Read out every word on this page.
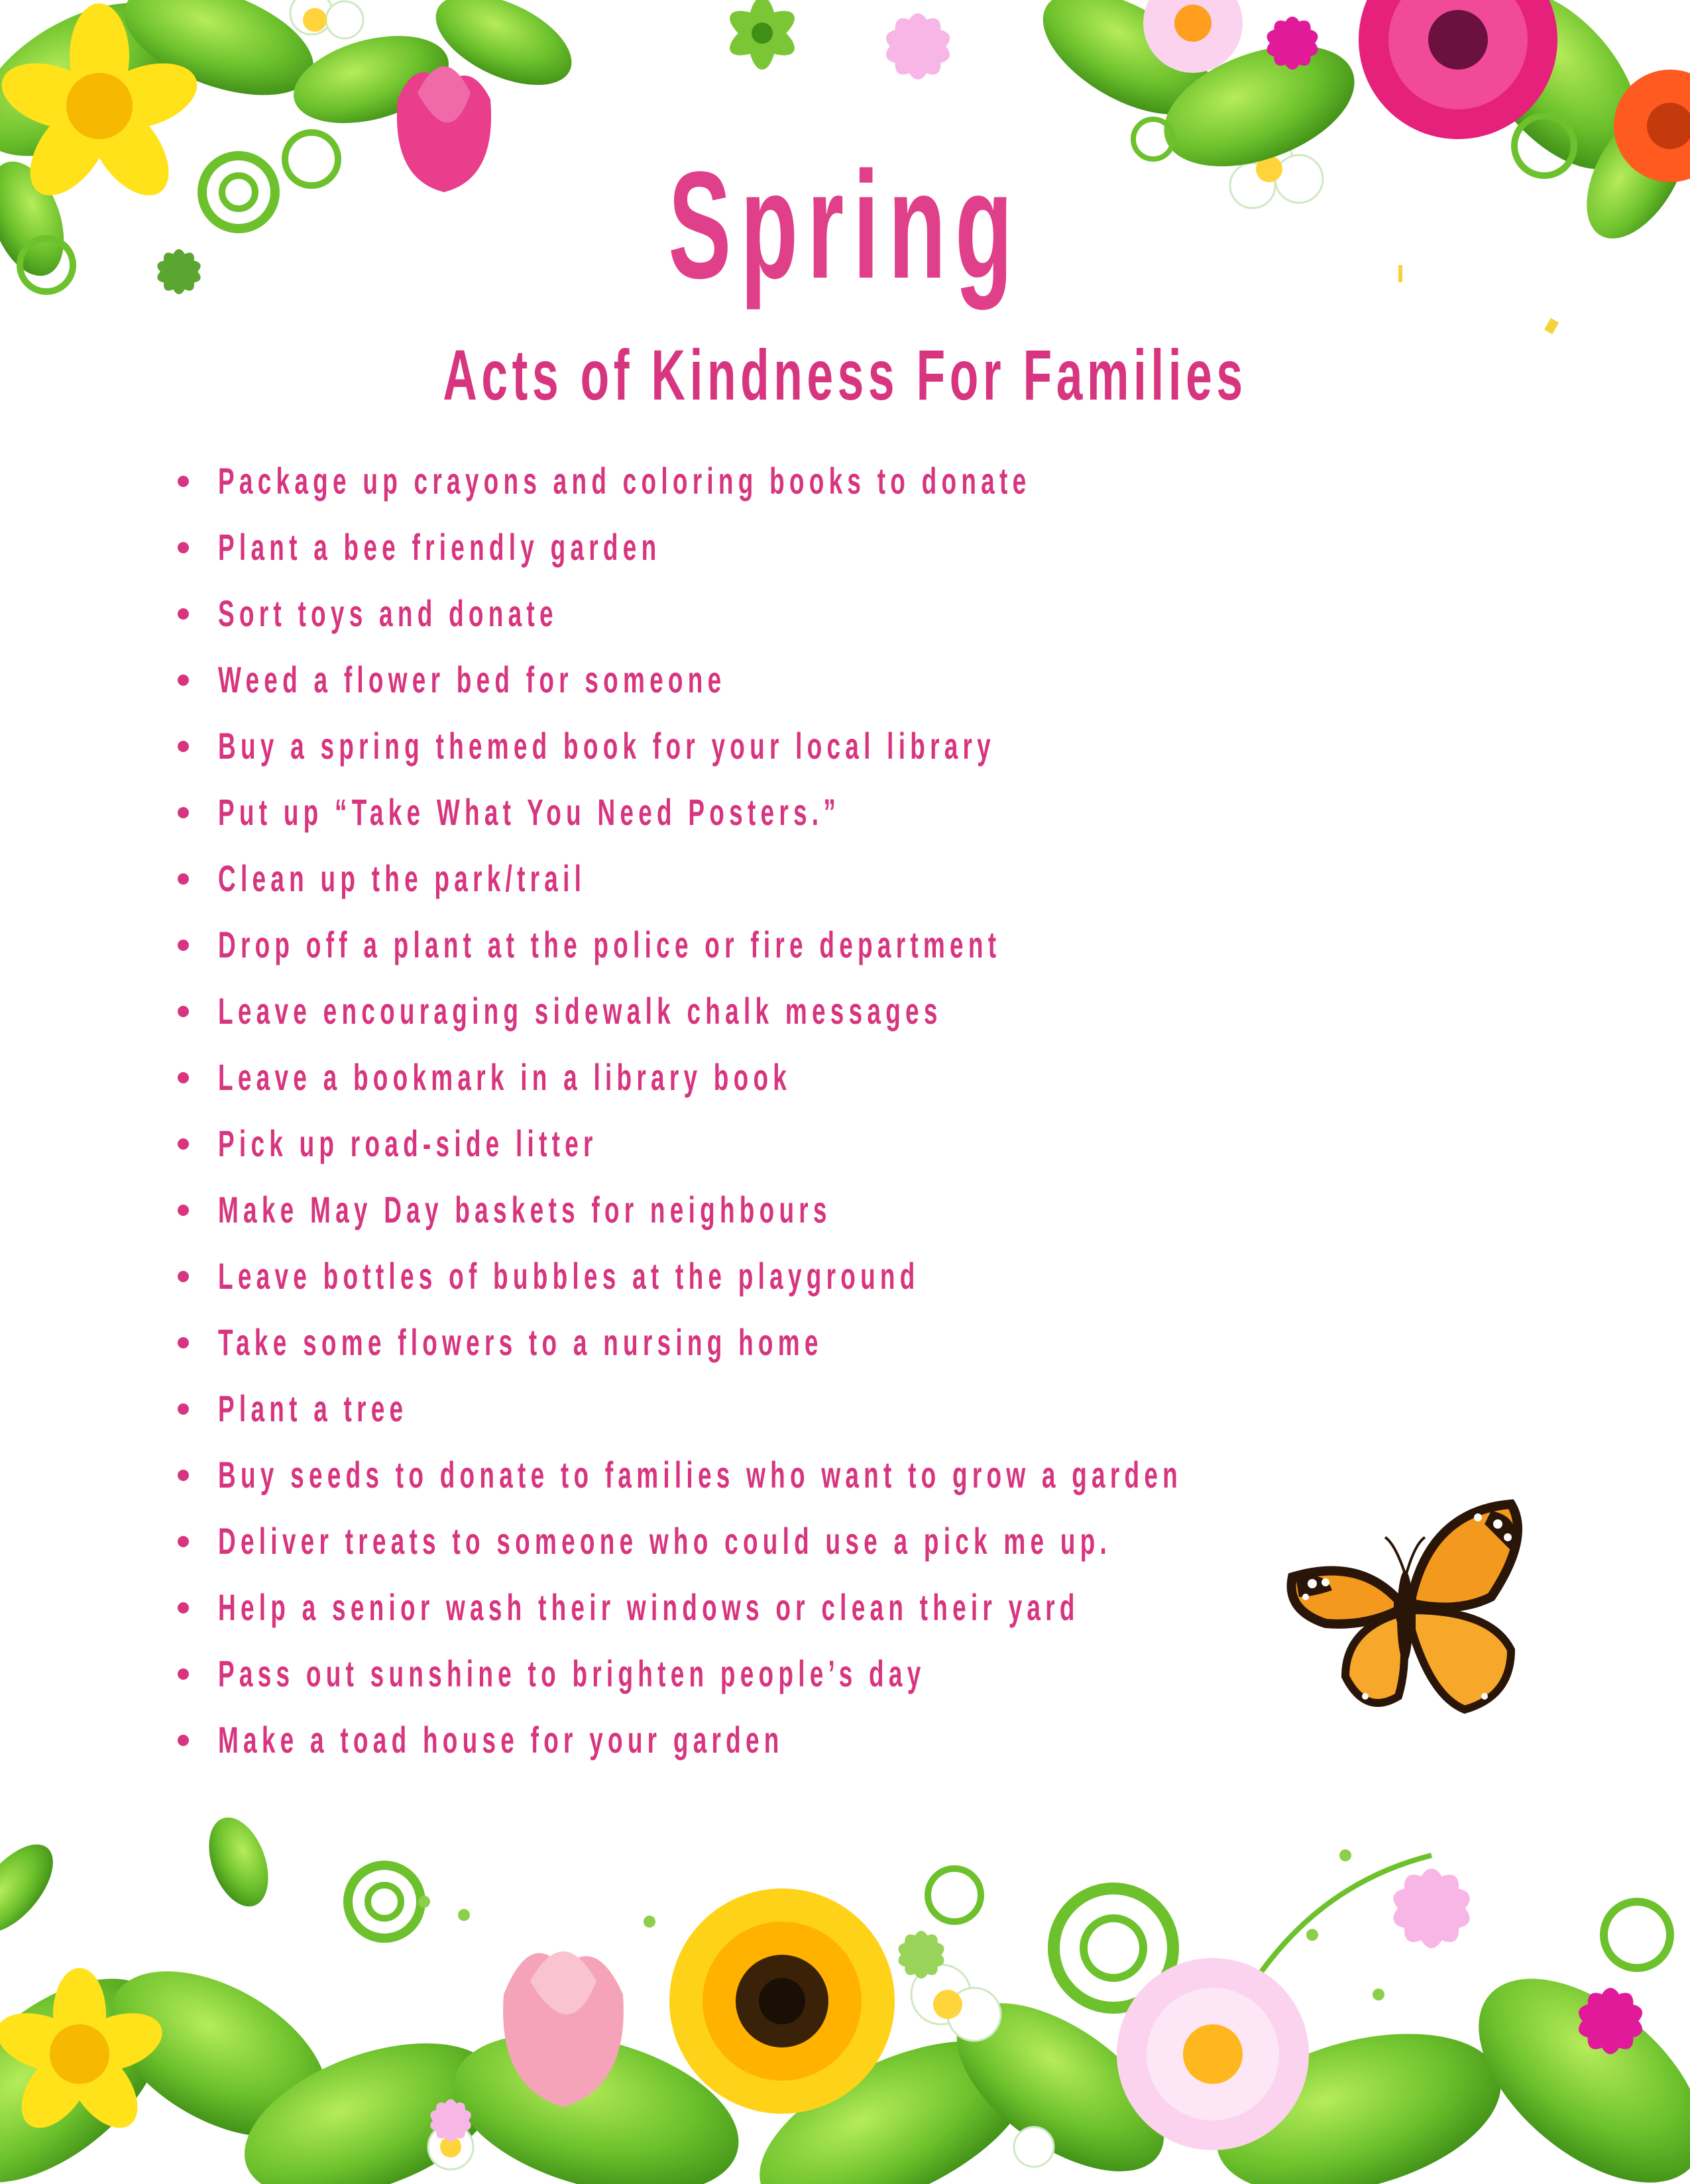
Spring
Acts of Kindness For Families
Package up crayons and coloring books to donate
Plant a bee friendly garden
Sort toys and donate
Weed a flower bed for someone
Buy a spring themed book for your local library
Put up “Take What You Need Posters.”
Clean up the park/trail
Drop off a plant at the police or fire department
Leave encouraging sidewalk chalk messages
Leave a bookmark in a library book
Pick up road-side litter
Make May Day baskets for neighbours
Leave bottles of bubbles at the playground
Take some flowers to a nursing home
Plant a tree
Buy seeds to donate to families who want to grow a garden
Deliver treats to someone who could use a pick me up.
Help a senior wash their windows or clean their yard
Pass out sunshine to brighten people’s day
Make a toad house for your garden
